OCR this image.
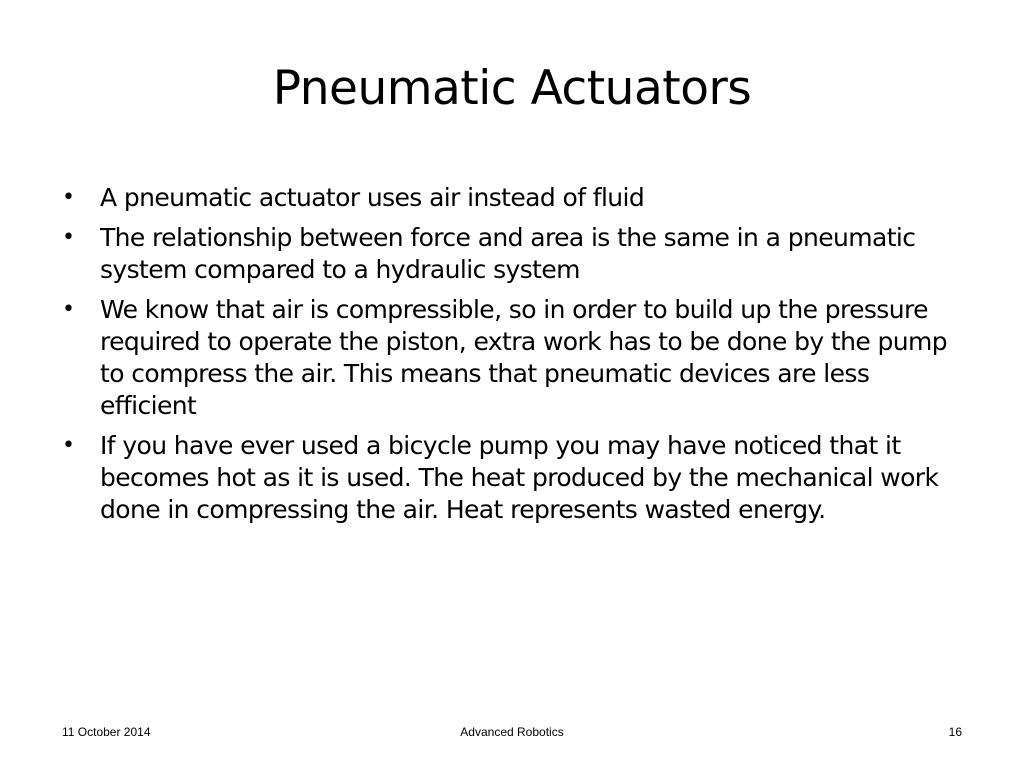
Pneumatic Actuators
•	A pneumatic actuator uses air instead of fluid
•	The relationship between force and area is the same in a pneumatic system compared to a hydraulic system
•	We know that air is compressible, so in order to build up the pressure required to operate the piston, extra work has to be done by the pump to compress the air. This means that pneumatic devices are less efficient
•	If you have ever used a bicycle pump you may have noticed that it becomes hot as it is used. The heat produced by the mechanical work done in compressing the air. Heat represents wasted energy.
11 October 2014	Advanced Robotics	16
